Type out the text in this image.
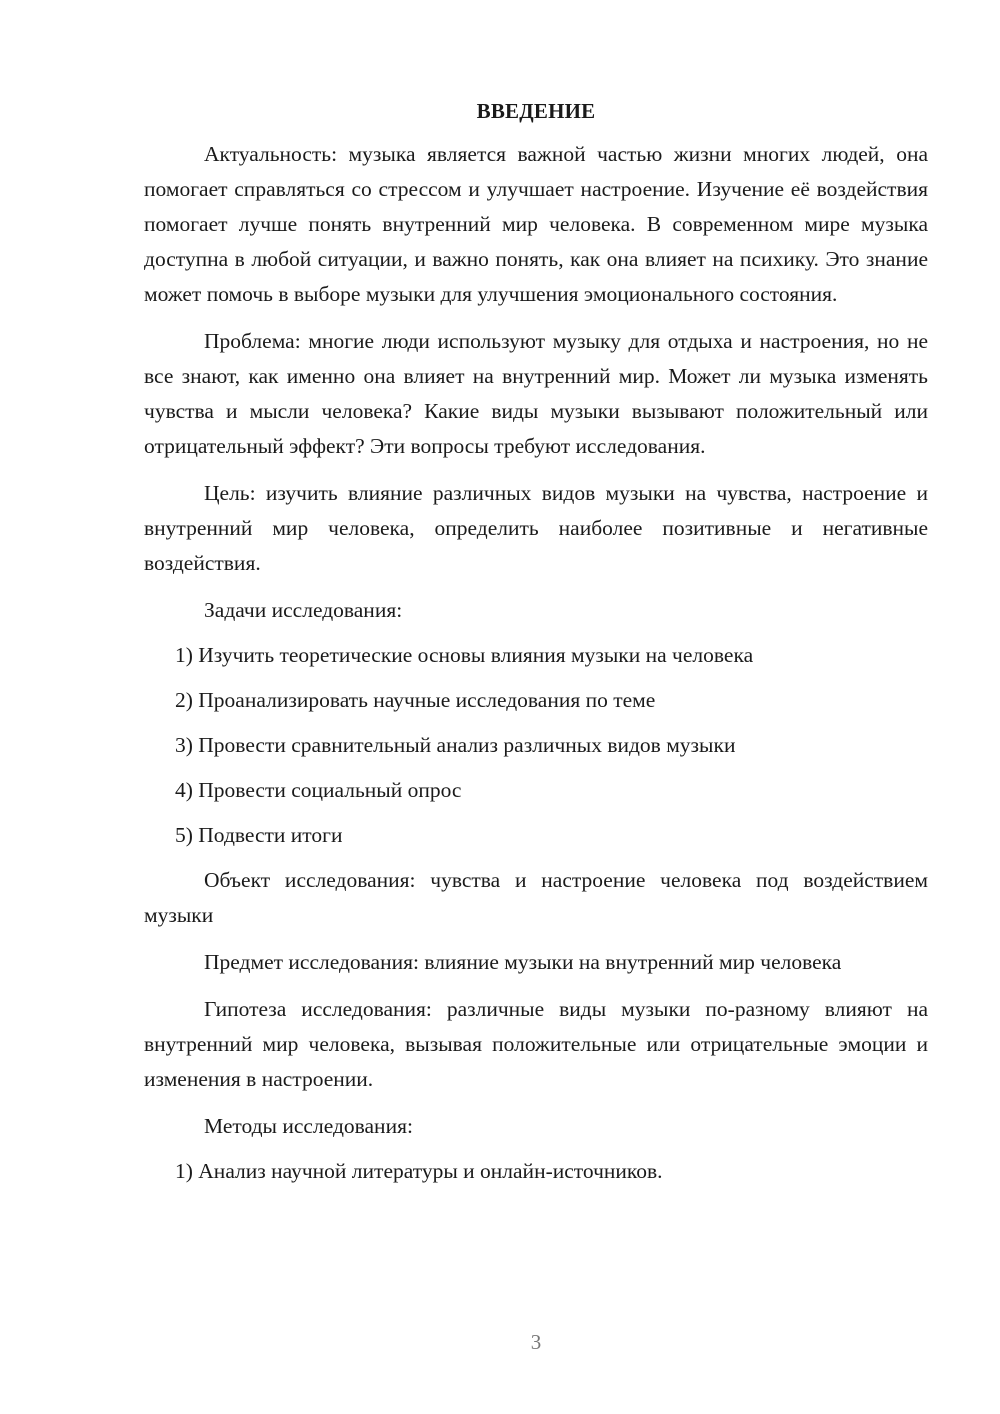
ВВЕДЕНИЕ

Актуальность: музыка является важной частью жизни многих людей, она помогает справляться со стрессом и улучшает настроение. Изучение её воздействия помогает лучше понять внутренний мир человека. В современном мире музыка доступна в любой ситуации, и важно понять, как она влияет на психику. Это знание может помочь в выборе музыки для улучшения эмоционального состояния.

Проблема: многие люди используют музыку для отдыха и настроения, но не все знают, как именно она влияет на внутренний мир. Может ли музыка изменять чувства и мысли человека? Какие виды музыки вызывают положительный или отрицательный эффект? Эти вопросы требуют исследования.

Цель: изучить влияние различных видов музыки на чувства, настроение и внутренний мир человека, определить наиболее позитивные и негативные воздействия.

Задачи исследования:

1) Изучить теоретические основы влияния музыки на человека

2) Проанализировать научные исследования по теме

3) Провести сравнительный анализ различных видов музыки

4) Провести социальный опрос

5) Подвести итоги

Объект исследования: чувства и настроение человека под воздействием музыки

Предмет исследования: влияние музыки на внутренний мир человека

Гипотеза исследования: различные виды музыки по-разному влияют на внутренний мир человека, вызывая положительные или отрицательные эмоции и изменения в настроении.

Методы исследования:

1) Анализ научной литературы и онлайн-источников.

3
